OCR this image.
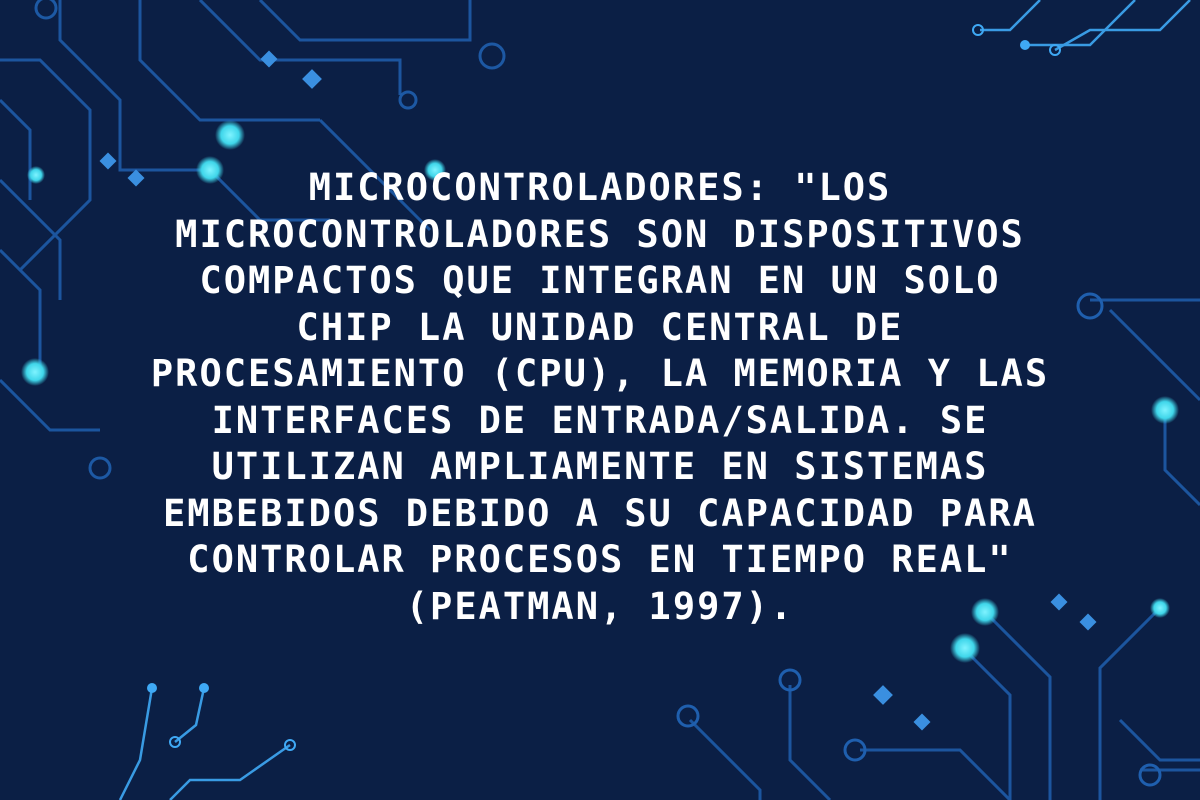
MICROCONTROLADORES: "LOS
MICROCONTROLADORES SON DISPOSITIVOS
COMPACTOS QUE INTEGRAN EN UN SOLO
CHIP LA UNIDAD CENTRAL DE
PROCESAMIENTO (CPU), LA MEMORIA Y LAS
INTERFACES DE ENTRADA/SALIDA. SE
UTILIZAN AMPLIAMENTE EN SISTEMAS
EMBEBIDOS DEBIDO A SU CAPACIDAD PARA
CONTROLAR PROCESOS EN TIEMPO REAL"
(PEATMAN, 1997).
